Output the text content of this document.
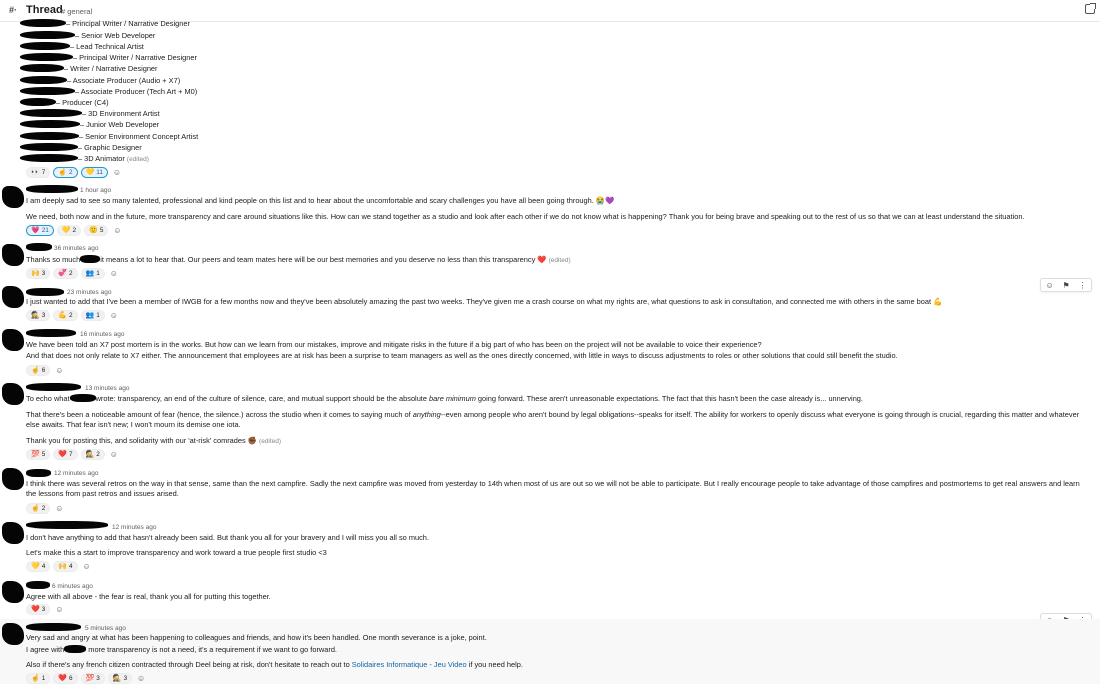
#· Thread
# general
– Principal Writer / Narrative Designer
– Senior Web Developer
– Lead Technical Artist
– Principal Writer / Narrative Designer
– Writer / Narrative Designer
– Associate Producer (Audio + X7)
– Associate Producer (Tech Art + M0)
– Producer (C4)
– 3D Environment Artist
– Junior Web Developer
– Senior Environment Concept Artist
– Graphic Designer
– 3D Animator (edited)
👀 7 ☝️ 2 💛 11 ☺
1 hour ago
I am deeply sad to see so many talented, professional and kind people on this list and to hear about the uncomfortable and scary challenges you have all been going through. 😭💜
We need, both now and in the future, more transparency and care around situations like this. How can we stand together as a studio and look after each other if we do not know what is happening? Thank you for being brave and speaking out to the rest of us so that we can at least understand the situation.
💗 21 💛 2 🙂 5 ☺
36 minutes ago
Thanks so much	it means a lot to hear that. Our peers and team mates here will be our best memories and you deserve no less than this transparency ❤️ (edited)
🙌 3 💞 2 👥 1 ☺
☺ ⚑ ⋮
23 minutes ago
I just wanted to add that I've been a member of IWGB for a few months now and they've been absolutely amazing the past two weeks. They've given me a crash course on what my rights are, what questions to ask in consultation, and connected me with others in the same boat 💪
🕵️ 3 💪 2 👥 1 ☺
16 minutes ago
We have been told an X7 post mortem is in the works. But how can we learn from our mistakes, improve and mitigate risks in the future if a big part of who has been on the project will not be available to voice their experience?
And that does not only relate to X7 either. The announcement that employees are at risk has been a surprise to team managers as well as the ones directly concerned, with little in ways to discuss adjustments to roles or other solutions that could still benefit the studio.
☝️ 6 ☺
13 minutes ago
To echo what	wrote: transparency, an end of the culture of silence, care, and mutual support should be the absolute bare minimum going forward. These aren't unreasonable expectations. The fact that this hasn't been the case already is... unnerving.
That there's been a noticeable amount of fear (hence, the silence.) across the studio when it comes to saying much of anything--even among people who aren't bound by legal obligations--speaks for itself. The ability for workers to openly discuss what everyone is going through is crucial, regarding this matter and whatever else awaits. That fear isn't new; I won't mourn its demise one iota.
Thank you for posting this, and solidarity with our 'at-risk' comrades ✊🏾 (edited)
💯 5 ❤️ 7 🕵️ 2 ☺
12 minutes ago
I think there was several retros on the way in that sense, same than the next campfire. Sadly the next campfire was moved from yesterday to 14th when most of us are out so we will not be able to participate. But I really encourage people to take advantage of those campfires and postmortems to get real answers and learn the lessons from past retros and issues arised.
☝️ 2 ☺
12 minutes ago
I don't have anything to add that hasn't already been said. But thank you all for your bravery and I will miss you all so much.
Let's make this a start to improve transparency and work toward a true people first studio <3
💛 4 🙌 4 ☺
6 minutes ago
Agree with all above - the fear is real, thank you all for putting this together.
❤️ 3 ☺
5 minutes ago
Very sad and angry at what has been happening to colleagues and friends, and how it's been handled. One month severance is a joke, point.
I agree with	more transparency is not a need, it's a requirement if we want to go forward.
Also if there's any french citizen contracted through Deel being at risk, don't hesitate to reach out to Solidaires Informatique - Jeu Video if you need help.
☝️ 1 ❤️ 6 💯 3 🕵️ 3 ☺
